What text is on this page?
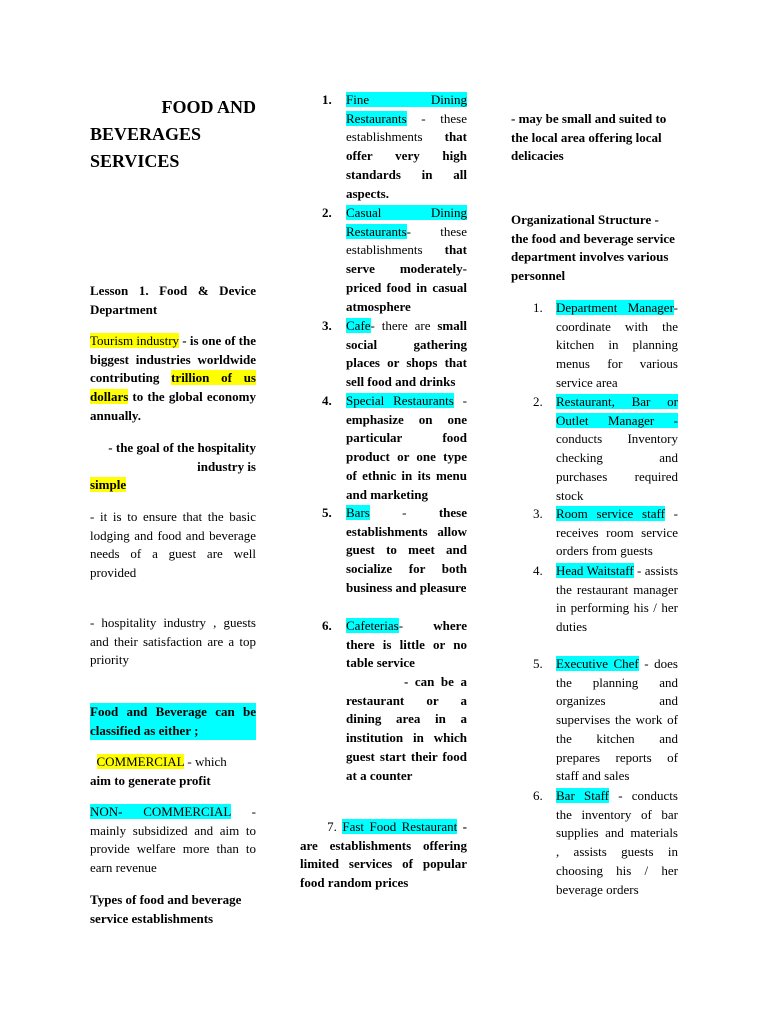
FOOD AND
BEVERAGES
SERVICES

Lesson 1. Food & Device Department

Tourism industry - is one of the biggest industries worldwide contributing trillion of us dollars to the global economy annually.

- the goal of the hospitality industry is

simple

- it is to ensure that the basic lodging and food and beverage needs of a guest are well provided

- hospitality industry , guests and their satisfaction are a top priority

Food and Beverage can be classified as either ;

COMMERCIAL - which
aim to generate profit

NON- COMMERCIAL - mainly subsidized and aim to provide welfare more than to earn revenue

Types of food and beverage service establishments

1. Fine Dining Restaurants - these establishments that offer very high standards in all aspects.

2. Casual Dining Restaurants- these establishments that serve moderately-priced food in casual atmosphere

3. Cafe- there are small social gathering places or shops that sell food and drinks

4. Special Restaurants - emphasize on one particular food product or one type of ethnic in its menu and marketing

5. Bars - these establishments allow guest to meet and socialize for both business and pleasure

6. Cafeterias- where there is little or no table service

- can be a restaurant or a dining area in a institution in which guest start their food at a counter

7. Fast Food Restaurant - are establishments offering limited services of popular food random prices

- may be small and suited to the local area offering local delicacies

Organizational Structure - the food and beverage service department involves various personnel

1. Department Manager- coordinate with the kitchen in planning menus for various service area

2. Restaurant, Bar or Outlet Manager - conducts Inventory checking and purchases required stock

3. Room service staff - receives room service orders from guests

4. Head Waitstaff - assists the restaurant manager in performing his / her duties

5. Executive Chef - does the planning and organizes and supervises the work of the kitchen and prepares reports of staff and sales

6. Bar Staff - conducts the inventory of bar supplies and materials , assists guests in choosing his / her beverage orders
